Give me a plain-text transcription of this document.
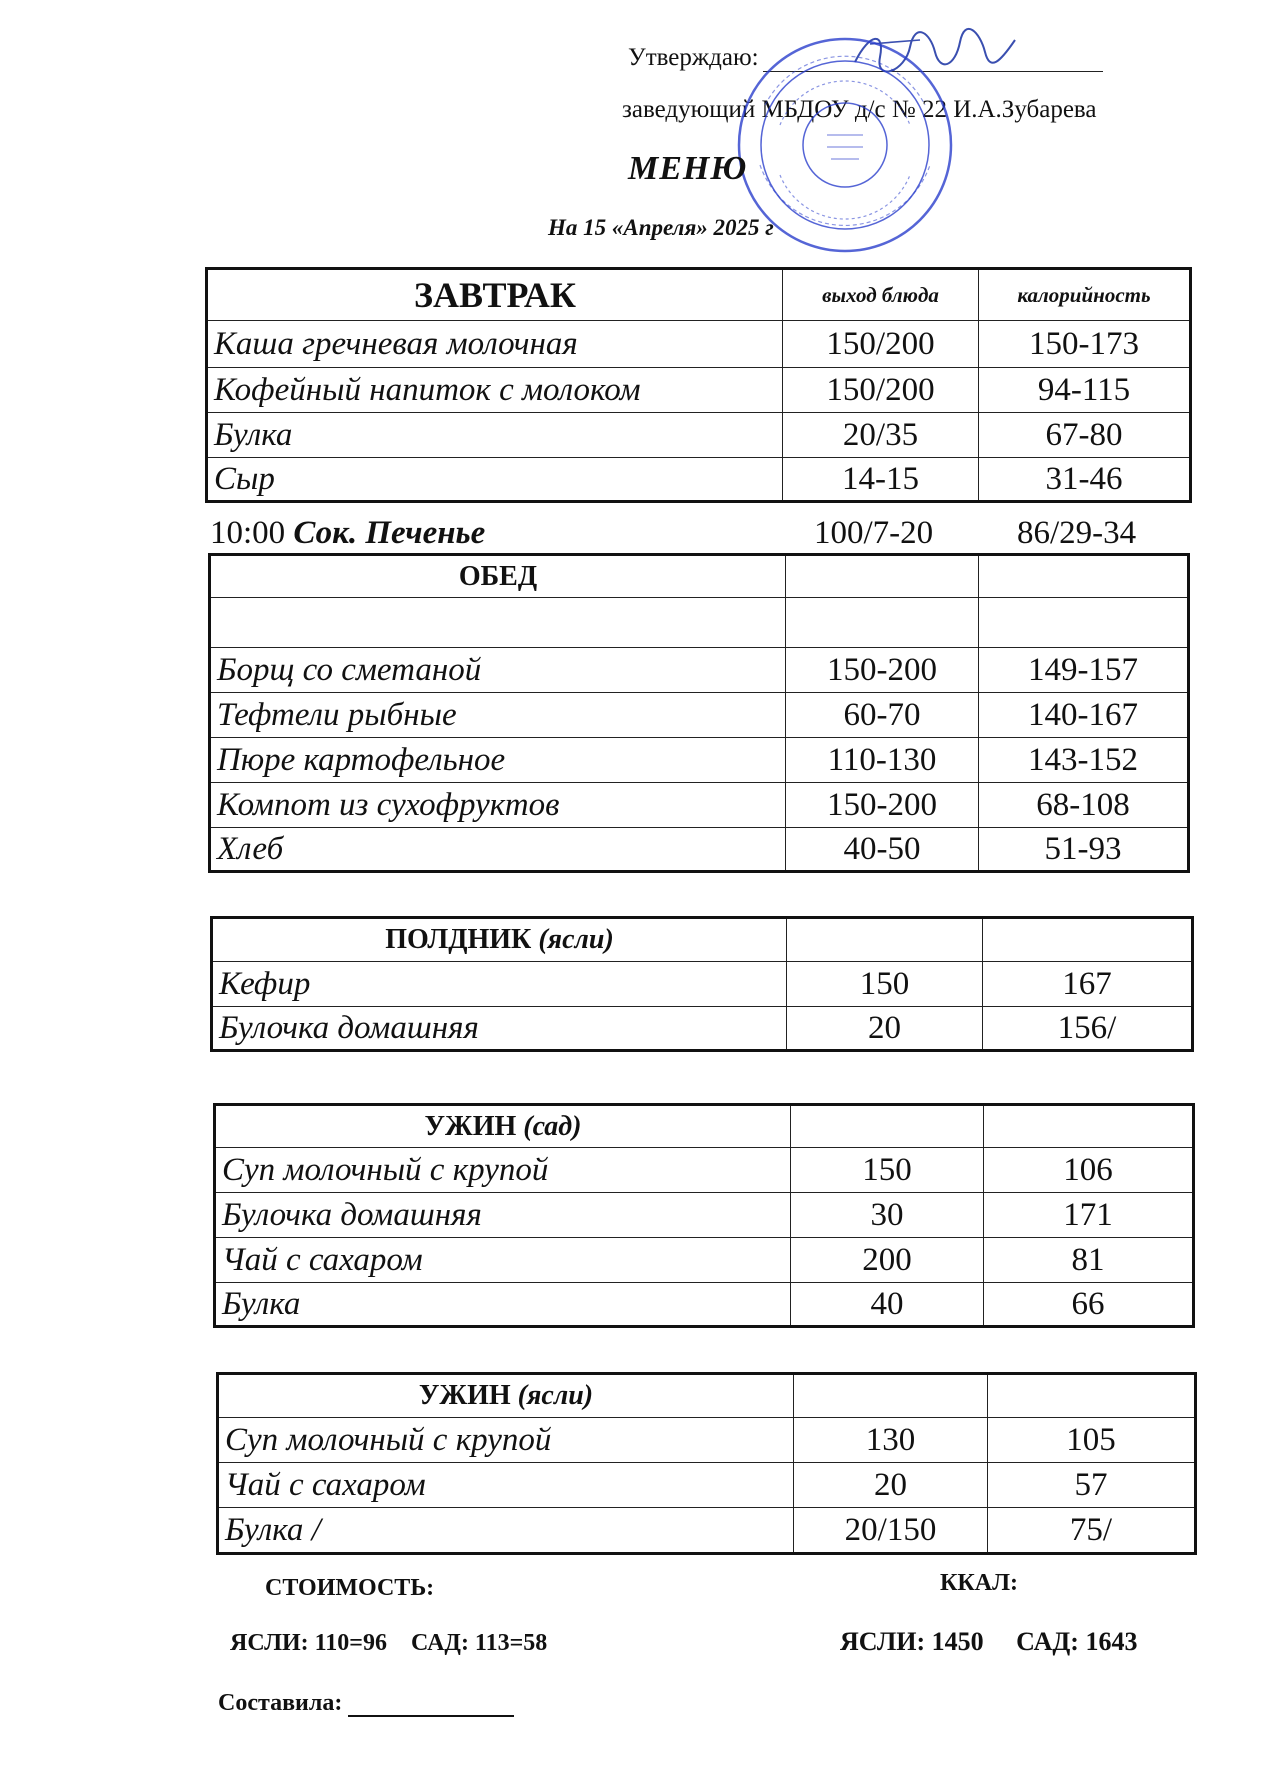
Утверждаю:
заведующий МБДОУ д/с № 22 И.А.Зубарева
МЕНЮ
На 15 «Апреля» 2025 г
ЗАВТРАК	выход блюда	калорийность
Каша гречневая молочная	150/200	150-173
Кофейный напиток с молоком	150/200	94-115
Булка	20/35	67-80
Сыр	14-15	31-46
10:00 Сок. Печенье	100/7-20	86/29-34
ОБЕД		

Борщ со сметаной	150-200	149-157
Тефтели рыбные	60-70	140-167
Пюре картофельное	110-130	143-152
Компот из сухофруктов	150-200	68-108
Хлеб	40-50	51-93
ПОЛДНИК (ясли)		
Кефир	150	167
Булочка домашняя	20	156/
УЖИН (сад)		
Суп молочный с крупой	150	106
Булочка домашняя	30	171
Чай с сахаром	200	81
Булка	40	66
УЖИН (ясли)		
Суп молочный с крупой	130	105
Чай с сахаром	20	57
Булка /	20/150	75/
СТОИМОСТЬ:	ККАЛ:
ЯСЛИ: 110=96    САД: 113=58	ЯСЛИ: 1450     САД: 1643
Составила:
